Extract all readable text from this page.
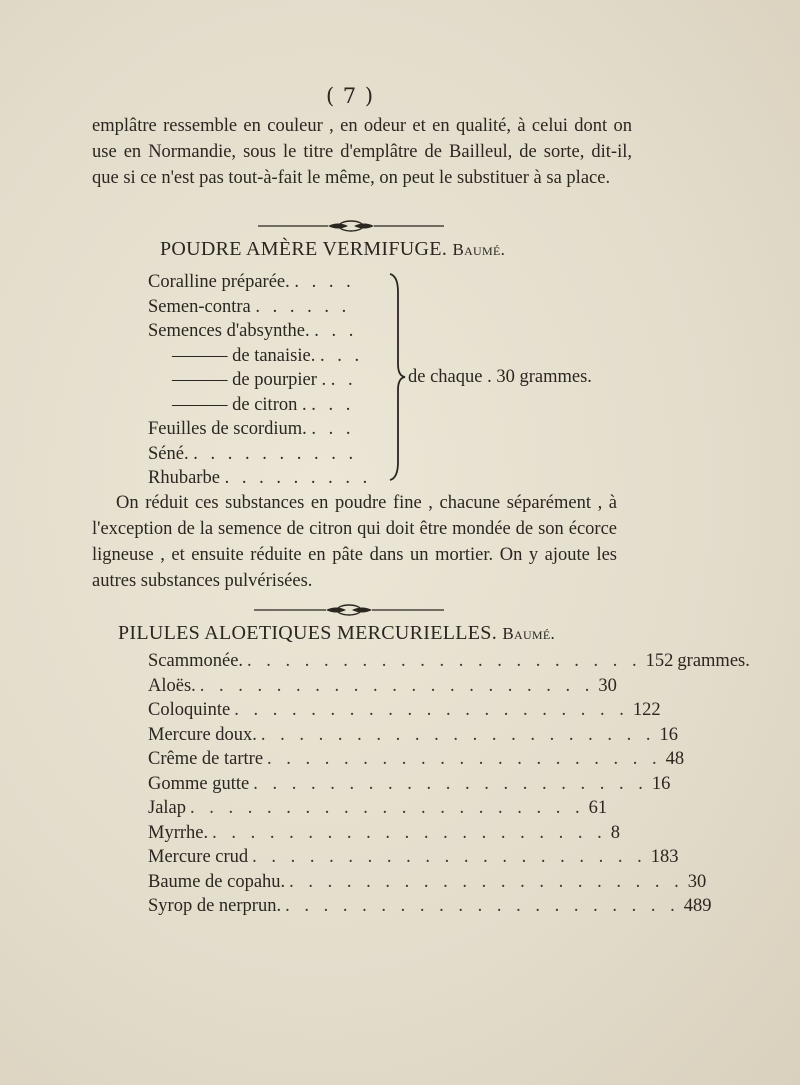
( 7 )
emplâtre ressemble en couleur , en odeur et en qualité, à celui dont on use en Normandie, sous le titre d'emplâtre de Bailleul, de sorte, dit-il, que si ce n'est pas tout-à-fait le même, on peut le substituer à sa place.
POUDRE AMÈRE VERMIFUGE. Baumé.
Coralline préparée. . . . .
Semen-contra . . . . . .
Semences d'absynthe. . . .
——— de tanaisie. . . .
——— de pourpier . . .
——— de citron . . . .
Feuilles de scordium. . . .
Séné. . . . . . . . . . .
Rhubarbe . . . . . . . . .
de chaque . 30 grammes.
On réduit ces substances en poudre fine , chacune séparément , à l'exception de la semence de citron qui doit être mondée de son écorce ligneuse , et ensuite réduite en pâte dans un mortier. On y ajoute les autres substances pulvérisées.
PILULES ALOETIQUES MERCURIELLES. Baumé.
Scammonée. . . . . . . . . . . . . . . . . . . . . . 152 grammes.
Aloës. . . . . . . . . . . . . . . . . . . . . . 30
Coloquinte . . . . . . . . . . . . . . . . . . . . . 122
Mercure doux. . . . . . . . . . . . . . . . . . . . . . 16
Crême de tartre . . . . . . . . . . . . . . . . . . . . . 48
Gomme gutte . . . . . . . . . . . . . . . . . . . . . 16
Jalap . . . . . . . . . . . . . . . . . . . . . 61
Myrrhe. . . . . . . . . . . . . . . . . . . . . . 8
Mercure crud . . . . . . . . . . . . . . . . . . . . . 183
Baume de copahu. . . . . . . . . . . . . . . . . . . . . . 30
Syrop de nerprun. . . . . . . . . . . . . . . . . . . . . . 489
